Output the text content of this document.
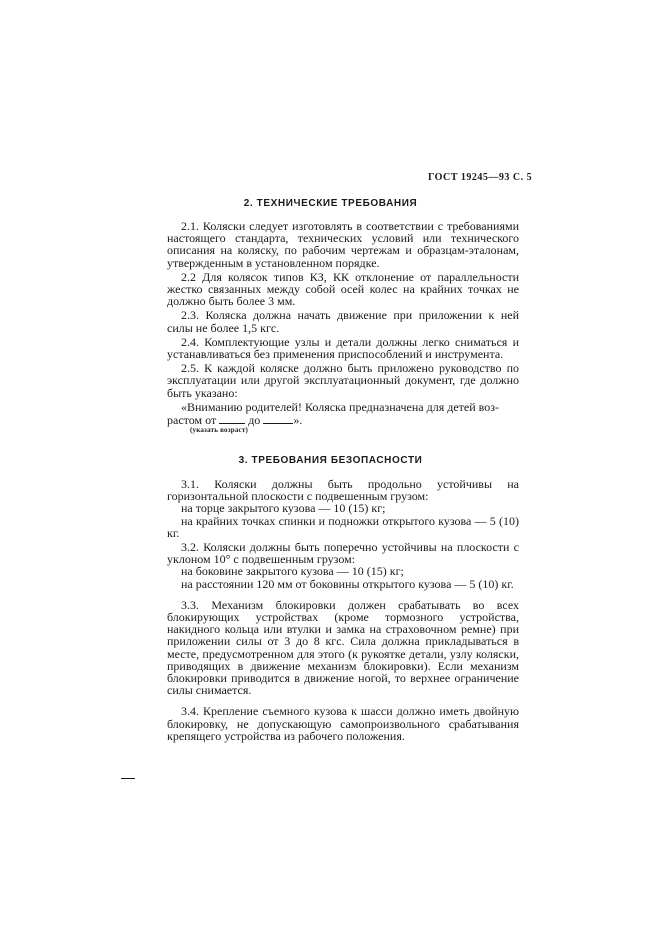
ГОСТ 19245—93 С. 5
2. ТЕХНИЧЕСКИЕ ТРЕБОВАНИЯ

2.1. Коляски следует изготовлять в соответствии с требованиями настоящего стандарта, технических условий или технического описания на коляску, по рабочим чертежам и образцам-эталонам, утвержденным в установленном порядке.

2.2 Для колясок типов КЗ, КК отклонение от параллельности жестко связанных между собой осей колес на крайних точках не должно быть более 3 мм.

2.3. Коляска должна начать движение при приложении к ней силы не более 1,5 кгс.

2.4. Комплектующие узлы и детали должны легко сниматься и устанавливаться без применения приспособлений и инструмента.

2.5. К каждой коляске должно быть приложено руководство по эксплуатации или другой эксплуатационный документ, где должно быть указано:

«Вниманию родителей! Коляска предназначена для детей воз-

растом от	до	».
(указать возраст)
3. ТРЕБОВАНИЯ БЕЗОПАСНОСТИ

3.1. Коляски должны быть продольно устойчивы на горизонтальной плоскости с подвешенным грузом:

на торце закрытого кузова — 10 (15) кг;

на крайних точках спинки и подножки открытого кузова — 5 (10) кг.

3.2. Коляски должны быть поперечно устойчивы на плоскости с уклоном 10° с подвешенным грузом:

на боковине закрытого кузова — 10 (15) кг;

на расстоянии 120 мм от боковины открытого кузова — 5 (10) кг.

3.3. Механизм блокировки должен срабатывать во всех блокирующих устройствах (кроме тормозного устройства, накидного кольца или втулки и замка на страховочном ремне) при приложении силы от 3 до 8 кгс. Сила должна прикладываться в месте, предусмотренном для этого (к рукоятке детали, узлу коляски, приводящих в движение механизм блокировки). Если механизм блокировки приводится в движение ногой, то верхнее ограничение силы снимается.

3.4. Крепление съемного кузова к шасси должно иметь двойную блокировку, не допускающую самопроизвольного срабатывания крепящего устройства из рабочего положения.
